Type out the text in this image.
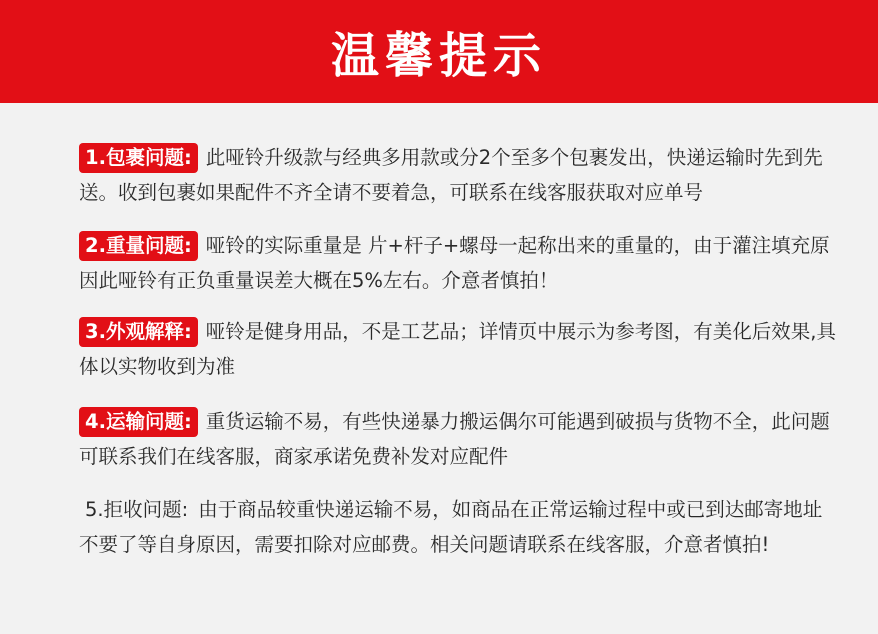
温馨提示
1.包裹问题: 此哑铃升级款与经典多用款或分2个至多个包裹发出，快递运输时先到先送。收到包裹如果配件不齐全请不要着急，可联系在线客服获取对应单号
2.重量问题: 哑铃的实际重量是 片+杆子+螺母一起称出来的重量的，由于灌注填充原因此哑铃有正负重量误差大概在5%左右。介意者慎拍！
3.外观解释: 哑铃是健身用品，不是工艺品；详情页中展示为参考图，有美化后效果,具体以实物收到为准
4.运输问题: 重货运输不易，有些快递暴力搬运偶尔可能遇到破损与货物不全，此问题可联系我们在线客服，商家承诺免费补发对应配件
5.拒收问题: 由于商品较重快递运输不易，如商品在正常运输过程中或已到达邮寄地址不要了等自身原因，需要扣除对应邮费。相关问题请联系在线客服，介意者慎拍!
